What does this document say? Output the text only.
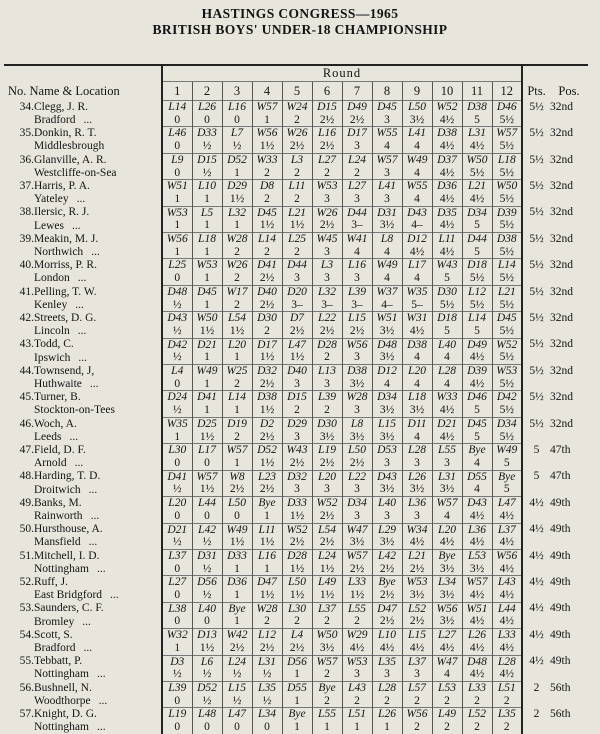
HASTINGS CONGRESS—1965
BRITISH BOYS' UNDER-18 CHAMPIONSHIP
		Round													
No. Name & Location		1	2	3	4	5	6	7	8	9	10	11	12	Pts.	Pos.
34.	Clegg, J. R.	L14	L26	L16	W57	W24	D15	D49	D45	L50	W52	D38	D46	5½	32nd
	Bradford ...	0	0	0	1	2	2½	2½	3	3½	4½	5	5½		
35.	Donkin, R. T.	L46	D33	L7	W56	W26	L16	D17	W55	L41	D38	L31	W57	5½	32nd
	Middlesbrough	0	½	½	1½	2½	2½	3	4	4	4½	4½	5½		
36.	Glanville, A. R.	L9	D15	D52	W33	L3	L27	L24	W57	W49	D37	W50	L18	5½	32nd
	Westcliffe-on-Sea	0	½	1	2	2	2	2	3	4	4½	5½	5½		
37.	Harris, P. A.	W51	L10	D29	D8	L11	W53	L27	L41	W55	D36	L21	W50	5½	32nd
	Yateley ...	1	1	1½	2	2	3	3	3	4	4½	4½	5½		
38.	Ilersic, R. J.	W53	L5	L32	D45	L21	W26	D44	D31	D43	D35	D34	D39	5½	32nd
	Lewes ...	1	1	1	1½	1½	2½	3–	3½	4–	4½	5	5½		
39.	Meakin, M. J.	W56	L18	W28	L14	L25	W45	W41	L8	D12	L11	D44	D38	5½	32nd
	Northwich ...	1	1	2	2	2	3	4	4	4½	4½	5	5½		
40.	Morriss, P. R.	L25	W53	W26	D41	D44	L3	L16	W49	L17	W43	D18	L14	5½	32nd
	London ...	0	1	2	2½	3	3	3	4	4	5	5½	5½		
41.	Pelling, T. W.	D48	D45	W17	D40	D20	L32	L39	W37	W35	D30	L12	L21	5½	32nd
	Kenley ...	½	1	2	2½	3–	3–	3–	4–	5–	5½	5½	5½		
42.	Streets, D. G.	D43	W50	L54	D30	D7	L22	L15	W51	W31	D18	L14	D45	5½	32nd
	Lincoln ...	½	1½	1½	2	2½	2½	2½	3½	4½	5	5	5½		
43.	Todd, C.	D42	D21	L20	D17	L47	D28	W56	D48	D38	L40	D49	W52	5½	32nd
	Ipswich ...	½	1	1	1½	1½	2	3	3½	4	4	4½	5½		
44.	Townsend, J,	L4	W49	W25	D32	D40	L13	D38	D12	L20	L28	D39	W53	5½	32nd
	Huthwaite ...	0	1	2	2½	3	3	3½	4	4	4	4½	5½		
45.	Turner, B.	D24	D41	L14	D38	D15	L39	W28	D34	L18	W33	D46	D42	5½	32nd
	Stockton-on-Tees	½	1	1	1½	2	2	3	3½	3½	4½	5	5½		
46.	Woch, A.	W35	D25	D19	D2	D29	D30	L8	L15	D11	D21	D45	D34	5½	32nd
	Leeds ...	1	1½	2	2½	3	3½	3½	3½	4	4½	5	5½		
47.	Field, D. F.	L30	L17	W57	D52	W43	L19	L50	D53	L28	L55	Bye	W49	5	47th
	Arnold ...	0	0	1	1½	2½	2½	2½	3	3	3	4	5		
48.	Harding, T. D.	D41	W57	W8	L23	D32	L20	L22	D43	L26	L31	D55	Bye	5	47th
	Droitwich ...	½	1½	2½	2½	3	3	3	3½	3½	3½	4	5		
49.	Banks, M.	L20	L44	L50	Bye	D33	W52	D34	L40	L36	W57	D43	L47	4½	49th
	Rainworth ...	0	0	0	1	1½	2½	3	3	3	4	4½	4½		
50.	Hursthouse, A.	D21	L42	W49	L11	W52	L54	W47	L29	W34	L20	L36	L37	4½	49th
	Mansfield ...	½	½	1½	1½	2½	2½	3½	3½	4½	4½	4½	4½		
51.	Mitchell, I. D.	L37	D31	D33	L16	D28	L24	W57	L42	L21	Bye	L53	W56	4½	49th
	Nottingham ...	0	½	1	1	1½	1½	2½	2½	2½	3½	3½	4½		
52.	Ruff, J.	L27	D56	D36	D47	L50	L49	L33	Bye	W53	L34	W57	L43	4½	49th
	East Bridgford ...	0	½	1	1½	1½	1½	1½	2½	3½	3½	4½	4½		
53.	Saunders, C. F.	L38	L40	Bye	W28	L30	L37	L55	D47	L52	W56	W51	L44	4½	49th
	Bromley ...	0	0	1	2	2	2	2	2½	2½	3½	4½	4½		
54.	Scott, S.	W32	D13	W42	L12	L4	W50	W29	L10	L15	L27	L26	L33	4½	49th
	Bradford ...	1	1½	2½	2½	2½	3½	4½	4½	4½	4½	4½	4½		
55.	Tebbatt, P.	D3	L6	L24	L31	D56	W57	W53	L35	L37	W47	D48	L28	4½	49th
	Nottingham ...	½	½	½	½	1	2	3	3	3	4	4½	4½		
56.	Bushnell, N.	L39	D52	L15	L35	D55	Bye	L43	L28	L57	L53	L33	L51	2	56th
	Woodthorpe ...	0	½	½	½	1	2	2	2	2	2	2	2		
57.	Knight, D. G.	L19	L48	L47	L34	Bye	L55	L51	L26	W56	L49	L52	L35	2	56th
	Nottingham ...	0	0	0	0	1	1	1	1	2	2	2	2		
